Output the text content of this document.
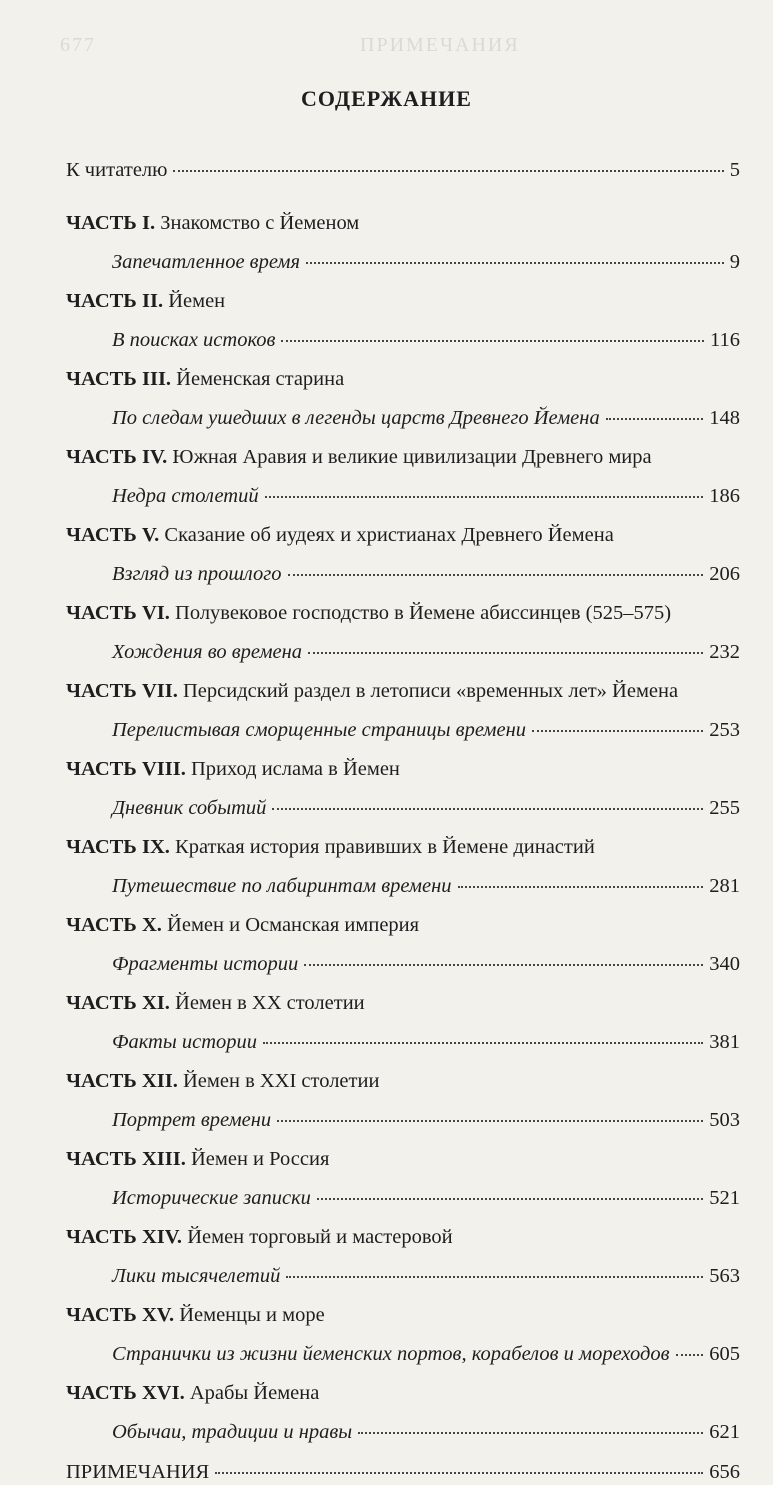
677	ПРИМЕЧАНИЯ
СОДЕРЖАНИЕ
К читателю	5
ЧАСТЬ I. Знакомство с Йеменом
Запечатленное время	9
ЧАСТЬ II. Йемен
В поисках истоков	116
ЧАСТЬ III. Йеменская старина
По следам ушедших в легенды царств Древнего Йемена	148
ЧАСТЬ IV. Южная Аравия и великие цивилизации Древнего мира
Недра столетий	186
ЧАСТЬ V. Сказание об иудеях и христианах Древнего Йемена
Взгляд из прошлого	206
ЧАСТЬ VI. Полувековое господство в Йемене абиссинцев (525–575)
Хождения во времена	232
ЧАСТЬ VII. Персидский раздел в летописи «временных лет» Йемена
Перелистывая сморщенные страницы времени	253
ЧАСТЬ VIII. Приход ислама в Йемен
Дневник событий	255
ЧАСТЬ IX. Краткая история правивших в Йемене династий
Путешествие по лабиринтам времени	281
ЧАСТЬ X. Йемен и Османская империя
Фрагменты истории	340
ЧАСТЬ XI. Йемен в XX столетии
Факты истории	381
ЧАСТЬ XII. Йемен в XXI столетии
Портрет времени	503
ЧАСТЬ XIII. Йемен и Россия
Исторические записки	521
ЧАСТЬ XIV. Йемен торговый и мастеровой
Лики тысячелетий	563
ЧАСТЬ XV. Йеменцы и море
Странички из жизни йеменских портов, корабелов и мореходов 605
ЧАСТЬ XVI. Арабы Йемена
Обычаи, традиции и нравы	621
ПРИМЕЧАНИЯ	656
